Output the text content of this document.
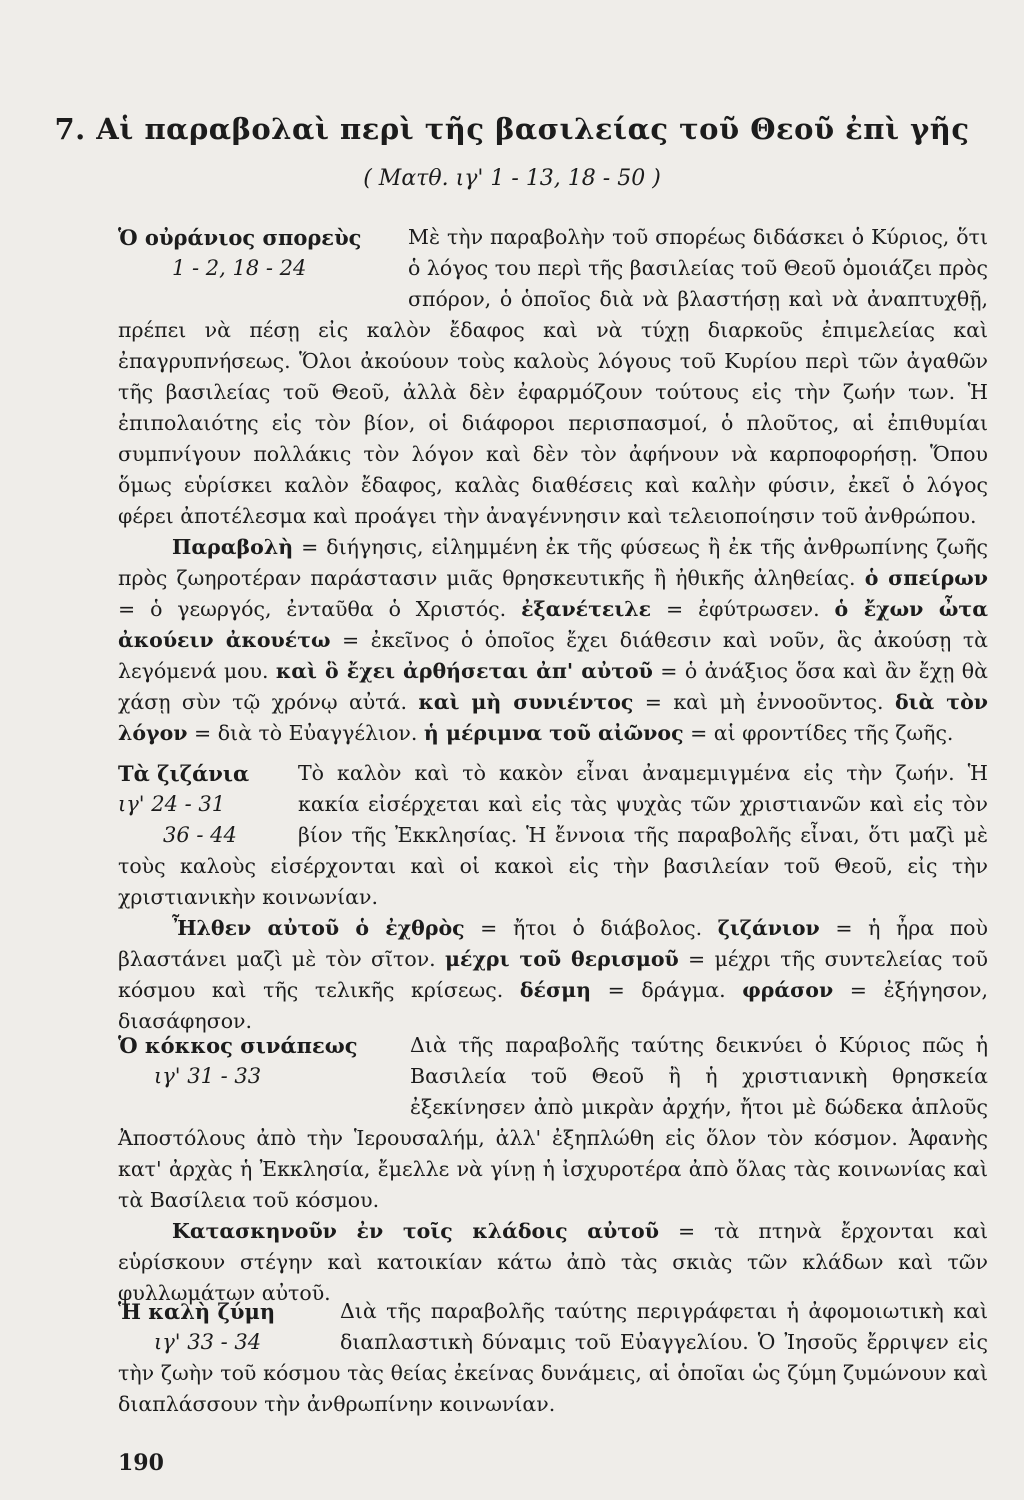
7. Αἱ παραβολαὶ περὶ τῆς βασιλείας τοῦ Θεοῦ ἐπὶ γῆς
( Ματθ. ιγ' 1 - 13, 18 - 50 )
Ὁ οὐράνιος σπορεὺς
1 - 2, 18 - 24

Μὲ τὴν παραβολὴν τοῦ σπορέως διδάσκει ὁ Κύριος, ὅτι ὁ λόγος του περὶ τῆς βασιλείας τοῦ Θεοῦ ὁμοιάζει πρὸς σπόρον, ὁ ὁποῖος διὰ νὰ βλαστήσῃ καὶ νὰ ἀναπτυχθῇ, πρέπει νὰ πέσῃ εἰς καλὸν ἔδαφος καὶ νὰ τύχῃ διαρκοῦς ἐπιμελείας καὶ ἐπαγρυπνήσεως. Ὅλοι ἀκούουν τοὺς καλοὺς λόγους τοῦ Κυρίου περὶ τῶν ἀγαθῶν τῆς βασιλείας τοῦ Θεοῦ, ἀλλὰ δὲν ἐφαρμόζουν τούτους εἰς τὴν ζωήν των. Ἡ ἐπιπολαιότης εἰς τὸν βίον, οἱ διάφοροι περισπασμοί, ὁ πλοῦτος, αἱ ἐπιθυμίαι συμπνίγουν πολλάκις τὸν λόγον καὶ δὲν τὸν ἀφήνουν νὰ καρποφορήσῃ. Ὅπου ὅμως εὑρίσκει καλὸν ἔδαφος, καλὰς διαθέσεις καὶ καλὴν φύσιν, ἐκεῖ ὁ λόγος φέρει ἀποτέλεσμα καὶ προάγει τὴν ἀναγέννησιν καὶ τελειοποίησιν τοῦ ἀνθρώπου.

Παραβολὴ = διήγησις, εἰλημμένη ἐκ τῆς φύσεως ἢ ἐκ τῆς ἀνθρωπίνης ζωῆς πρὸς ζωηροτέραν παράστασιν μιᾶς θρησκευτικῆς ἢ ἠθικῆς ἀληθείας. ὁ σπείρων = ὁ γεωργός, ἐνταῦθα ὁ Χριστός. ἐξανέτειλε = ἐφύτρωσεν. ὁ ἔχων ὦτα ἀκούειν ἀκουέτω = ἐκεῖνος ὁ ὁποῖος ἔχει διάθεσιν καὶ νοῦν, ἃς ἀκούσῃ τὰ λεγόμενά μου. καὶ ὃ ἔχει ἀρθήσεται ἀπ' αὐτοῦ = ὁ ἀνάξιος ὅσα καὶ ἂν ἔχῃ θὰ χάσῃ σὺν τῷ χρόνῳ αὐτά. καὶ μὴ συνιέντος = καὶ μὴ ἐννοοῦντος. διὰ τὸν λόγον = διὰ τὸ Εὐαγγέλιον. ἡ μέριμνα τοῦ αἰῶνος = αἱ φροντίδες τῆς ζωῆς.

Τὰ ζιζάνια
ιγ' 24 - 31
36 - 44

Τὸ καλὸν καὶ τὸ κακὸν εἶναι ἀναμεμιγμένα εἰς τὴν ζωήν. Ἡ κακία εἰσέρχεται καὶ εἰς τὰς ψυχὰς τῶν χριστιανῶν καὶ εἰς τὸν βίον τῆς Ἐκκλησίας. Ἡ ἔννοια τῆς παραβολῆς εἶναι, ὅτι μαζὶ μὲ τοὺς καλοὺς εἰσέρχονται καὶ οἱ κακοὶ εἰς τὴν βασιλείαν τοῦ Θεοῦ, εἰς τὴν χριστιανικὴν κοινωνίαν.

Ἦλθεν αὐτοῦ ὁ ἐχθρὸς = ἤτοι ὁ διάβολος. ζιζάνιον = ἡ ἦρα ποὺ βλαστάνει μαζὶ μὲ τὸν σῖτον. μέχρι τοῦ θερισμοῦ = μέχρι τῆς συντελείας τοῦ κόσμου καὶ τῆς τελικῆς κρίσεως. δέσμη = δράγμα. φράσον = ἐξήγησον, διασάφησον.

Ὁ κόκκος σινάπεως
ιγ' 31 - 33

Διὰ τῆς παραβολῆς ταύτης δεικνύει ὁ Κύριος πῶς ἡ Βασιλεία τοῦ Θεοῦ ἢ ἡ χριστιανικὴ θρησκεία ἐξεκίνησεν ἀπὸ μικρὰν ἀρχήν, ἤτοι μὲ δώδεκα ἁπλοῦς Ἀποστόλους ἀπὸ τὴν Ἱερουσαλήμ, ἀλλ' ἐξηπλώθη εἰς ὅλον τὸν κόσμον. Ἀφανὴς κατ' ἀρχὰς ἡ Ἐκκλησία, ἔμελλε νὰ γίνῃ ἡ ἰσχυροτέρα ἀπὸ ὅλας τὰς κοινωνίας καὶ τὰ Βασίλεια τοῦ κόσμου.

Κατασκηνοῦν ἐν τοῖς κλάδοις αὐτοῦ = τὰ πτηνὰ ἔρχονται καὶ εὑρίσκουν στέγην καὶ κατοικίαν κάτω ἀπὸ τὰς σκιὰς τῶν κλάδων καὶ τῶν φυλλωμάτων αὐτοῦ.

Ἡ καλὴ ζύμη
ιγ' 33 - 34

Διὰ τῆς παραβολῆς ταύτης περιγράφεται ἡ ἀφομοιωτικὴ καὶ διαπλαστικὴ δύναμις τοῦ Εὐαγγελίου. Ὁ Ἰησοῦς ἔρριψεν εἰς τὴν ζωὴν τοῦ κόσμου τὰς θείας ἐκείνας δυνάμεις, αἱ ὁποῖαι ὡς ζύμη ζυμώνουν καὶ διαπλάσσουν τὴν ἀνθρωπίνην κοινωνίαν.

190
